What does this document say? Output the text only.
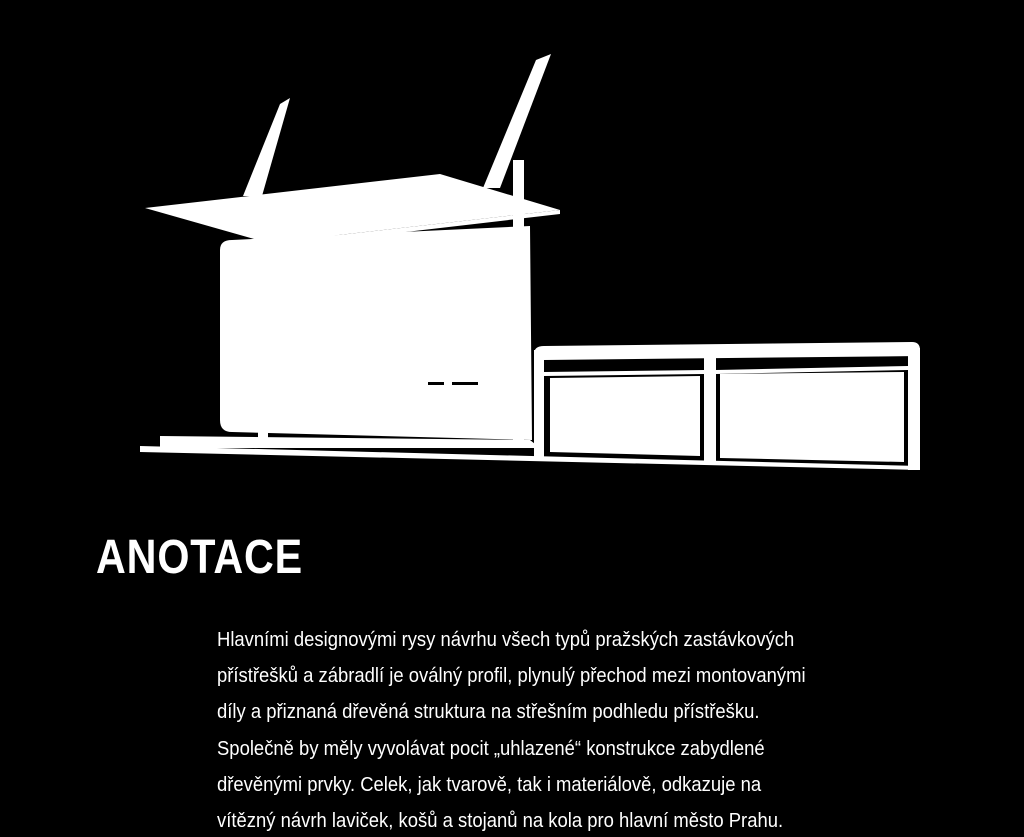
ANOTACE
Hlavními designovými rysy návrhu všech typů pražských zastávkových
přístřešků a zábradlí je oválný profil, plynulý přechod mezi montovanými
díly a přiznaná dřevěná struktura na střešním podhledu přístřešku.
Společně by měly vyvolávat pocit „uhlazené“ konstrukce zabydlené
dřevěnými prvky. Celek, jak tvarově, tak i materiálově, odkazuje na
vítězný návrh laviček, košů a stojanů na kola pro hlavní město Prahu.
